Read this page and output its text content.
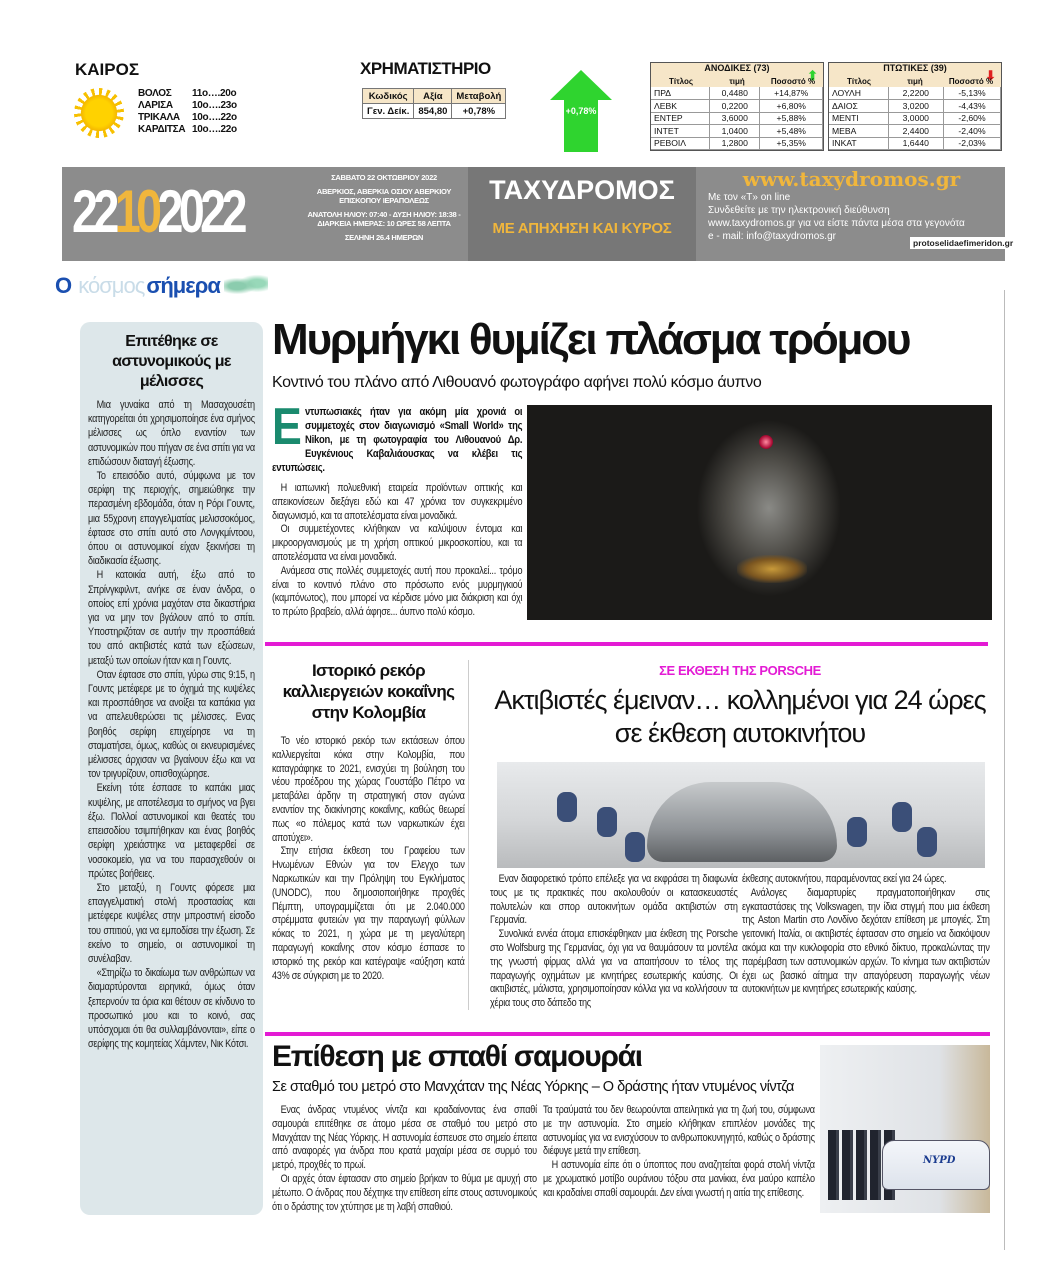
ΚΑΙΡΟΣ
ΒΟΛΟΣ	11ο….20ο
ΛΑΡΙΣΑ	10ο….23ο
ΤΡΙΚΑΛΑ	10ο….22ο
ΚΑΡΔΙΤΣΑ 10ο….22ο
ΧΡΗΜΑΤΙΣΤΗΡΙΟ
Κωδικός	Αξία	Μεταβολή
Γεν. Δείκ.	854,80	+0,78%	+0,78%
ΑΝΟΔΙΚΕΣ (73)	⬆
Τίτλος	τιμή	Ποσοστό %
ΠΡΔ	0,4480	+14,87%
ΛΕΒΚ	0,2200	+6,80%
ΕΝΤΕΡ	3,6000	+5,88%
ΙΝΤΕΤ	1,0400	+5,48%
ΡΕΒΟΙΛ	1,2800	+5,35%
ΠΤΩΤΙΚΕΣ (39)	⬇
Τίτλος	τιμή	Ποσοστό %
ΛΟΥΛΗ	2,2200	-5,13%
ΔΑΙΟΣ	3,0200	-4,43%
ΜΕΝΤΙ	3,0000	-2,60%
ΜΕΒΑ	2,4400	-2,40%
ΙΝΚΑΤ	1,6440	-2,03%
22102022
ΣΑΒΒΑΤΟ 22 ΟΚΤΩΒΡΙΟΥ 2022
ΑΒΕΡΚΙΟΣ, ΑΒΕΡΚΙΑ ΟΣΙΟΥ ΑΒΕΡΚΙΟΥ ΕΠΙΣΚΟΠΟΥ ΙΕΡΑΠΟΛΕΩΣ
ΑΝΑΤΟΛΗ ΗΛΙΟΥ: 07:40 - ΔΥΣΗ ΗΛΙΟΥ: 18:38 - ΔΙΑΡΚΕΙΑ ΗΜΕΡΑΣ: 10 ΩΡΕΣ 58 ΛΕΠΤΑ
ΣΕΛΗΝΗ 26.4 ΗΜΕΡΩΝ
ΤΑΧΥΔΡΟΜΟΣ
ΜΕ ΑΠΗΧΗΣΗ ΚΑΙ ΚΥΡΟΣ
www.taxydromos.gr
Με τον «Τ» on line
Συνδεθείτε με την ηλεκτρονική διεύθυνση
www.taxydromos.gr για να είστε πάντα μέσα στα γεγονότα
e - mail: info@taxydromos.gr
protoselidaefimeridon.gr
Ο
κόσμος σήμερα
Επιτέθηκε σε αστυνομικούς με μέλισσες

Μια γυναίκα από τη Μασαχουσέτη κατηγορείται ότι χρησιμοποίησε ένα σμήνος μέλισσες ως όπλο εναντίον των αστυνομικών που πήγαν σε ένα σπίτι για να επιδώσουν διαταγή έξωσης.

Το επεισόδιο αυτό, σύμφωνα με τον σερίφη της περιοχής, σημειώθηκε την περασμένη εβδομάδα, όταν η Ρόρι Γουντς, μια 55χρονη επαγγελματίας μελισσοκόμος, έφτασε στο σπίτι αυτό στο Λονγκμίντοου, όπου οι αστυνομικοί είχαν ξεκινήσει τη διαδικασία έξωσης.

Η κατοικία αυτή, έξω από το Σπρίνγκφιλντ, ανήκε σε έναν άνδρα, ο οποίος επί χρόνια μαχόταν στα δικαστήρια για να μην τον βγάλουν από το σπίτι. Υποστηριζόταν σε αυτήν την προσπάθειά του από ακτιβιστές κατά των εξώσεων, μεταξύ των οποίων ήταν και η Γουντς.

Οταν έφτασε στο σπίτι, γύρω στις 9:15, η Γουντς μετέφερε με το όχημά της κυψέλες και προσπάθησε να ανοίξει τα καπάκια για να απελευθερώσει τις μέλισσες. Ενας βοηθός σερίφη επιχείρησε να τη σταματήσει, όμως, καθώς οι εκνευρισμένες μέλισσες άρχισαν να βγαίνουν έξω και να τον τριγυρίζουν, οπισθοχώρησε.

Εκείνη τότε έσπασε το καπάκι μιας κυψέλης, με αποτέλεσμα το σμήνος να βγει έξω. Πολλοί αστυνομικοί και θεατές του επεισοδίου τσιμπήθηκαν και ένας βοηθός σερίφη χρειάστηκε να μεταφερθεί σε νοσοκομείο, για να του παρασχεθούν οι πρώτες βοήθειες.

Στο μεταξύ, η Γουντς φόρεσε μια επαγγελματική στολή προστασίας και μετέφερε κυψέλες στην μπροστινή είσοδο του σπιτιού, για να εμποδίσει την έξωση. Σε εκείνο το σημείο, οι αστυνομικοί τη συνέλαβαν.

«Στηρίζω το δικαίωμα των ανθρώπων να διαμαρτύρονται ειρηνικά, όμως όταν ξεπερνούν τα όρια και θέτουν σε κίνδυνο το προσωπικό μου και το κοινό, σας υπόσχομαι ότι θα συλλαμβάνονται», είπε ο σερίφης της κομητείας Χάμντεν, Νικ Κότσι.

Μυρμήγκι θυμίζει πλάσμα τρόμου
Κοντινό του πλάνο από Λιθουανό φωτογράφο αφήνει πολύ κόσμο άυπνο
Εντυπωσιακές ήταν για ακόμη μία χρονιά οι συμμετοχές στον διαγωνισμό «Small World» της Nikon, με τη φωτογραφία του Λιθουανού Δρ. Ευγκένιους Καβαλιάουσκας να κλέβει τις εντυπώσεις.

Η ιαπωνική πολυεθνική εταιρεία προϊόντων οπτικής και απεικονίσεων διεξάγει εδώ και 47 χρόνια τον συγκεκριμένο διαγωνισμό, και τα αποτελέσματα είναι μοναδικά.

Οι συμμετέχοντες κλήθηκαν να καλύψουν έντομα και μικροοργανισμούς με τη χρήση οπτικού μικροσκοπίου, και τα αποτελέσματα να είναι μοναδικά.

Ανάμεσα στις πολλές συμμετοχές αυτή που προκαλεί... τρόμο είναι το κοντινό πλάνο στο πρόσωπο ενός μυρμηγκιού (καμπόνωτος), που μπορεί να κέρδισε μόνο μια διάκριση και όχι το πρώτο βραβείο, αλλά άφησε... άυπνο πολύ κόσμο.

Ιστορικό ρεκόρ καλλιεργειών κοκαΐνης στην Κολομβία

Το νέο ιστορικό ρεκόρ των εκτάσεων όπου καλλιεργείται κόκα στην Κολομβία, που καταγράφηκε το 2021, ενισχύει τη βούληση του νέου προέδρου της χώρας Γουστάβο Πέτρο να μεταβάλει άρδην τη στρατηγική στον αγώνα εναντίον της διακίνησης κοκαΐνης, καθώς θεωρεί πως «ο πόλεμος κατά των ναρκωτικών έχει αποτύχει».

Στην ετήσια έκθεση του Γραφείου των Ηνωμένων Εθνών για τον Ελεγχο των Ναρκωτικών και την Πρόληψη του Εγκλήματος (UNODC), που δημοσιοποιήθηκε προχθές Πέμπτη, υπογραμμίζεται ότι με 2.040.000 στρέμματα φυτειών για την παραγωγή φύλλων κόκας το 2021, η χώρα με τη μεγαλύτερη παραγωγή κοκαΐνης στον κόσμο έσπασε το ιστορικό της ρεκόρ και κατέγραψε «αύξηση κατά 43% σε σύγκριση με το 2020.

ΣΕ ΕΚΘΕΣΗ ΤΗΣ PORSCHE
Ακτιβιστές έμειναν… κολλημένοι για 24 ώρες σε έκθεση αυτοκινήτου

Εναν διαφορετικό τρόπο επέλεξε για να εκφράσει τη διαφωνία τους με τις πρακτικές που ακολουθούν οι κατασκευαστές πολυτελών και σπορ αυτοκινήτων ομάδα ακτιβιστών στη Γερμανία.

Συνολικά εννέα άτομα επισκέφθηκαν μια έκθεση της Porsche στο Wolfsburg της Γερμανίας, όχι για να θαυμάσουν τα μοντέλα της γνωστή φίρμας αλλά για να απαιτήσουν το τέλος της παραγωγής οχημάτων με κινητήρες εσωτερικής καύσης. Οι ακτιβιστές, μάλιστα, χρησιμοποίησαν κόλλα για να κολλήσουν τα χέρια τους στο δάπεδο της

έκθεσης αυτοκινήτου, παραμένοντας εκεί για 24 ώρες.

Ανάλογες διαμαρτυρίες πραγματοποιήθηκαν στις εγκαταστάσεις της Volkswagen, την ίδια στιγμή που μια έκθεση της Aston Martin στο Λονδίνο δεχόταν επίθεση με μπογιές. Στη γειτονική Ιταλία, οι ακτιβιστές έφτασαν στο σημείο να διακόψουν ακόμα και την κυκλοφορία στο εθνικό δίκτυο, προκαλώντας την παρέμβαση των αστυνομικών αρχών. Το κίνημα των ακτιβιστών έχει ως βασικό αίτημα την απαγόρευση παραγωγής νέων αυτοκινήτων με κινητήρες εσωτερικής καύσης.

Επίθεση με σπαθί σαμουράι
Σε σταθμό του μετρό στο Μανχάταν της Νέας Υόρκης – Ο δράστης ήταν ντυμένος νίντζα

Ενας άνδρας ντυμένος νίντζα και κραδαίνοντας ένα σπαθί σαμουράι επιτέθηκε σε άτομο μέσα σε σταθμό του μετρό στο Μανχάταν της Νέας Υόρκης. Η αστυνομία έσπευσε στο σημείο έπειτα από αναφορές για άνδρα που κρατά μαχαίρι μέσα σε συρμό του μετρό, προχθές το πρωί.

Οι αρχές όταν έφτασαν στο σημείο βρήκαν το θύμα με αμυχή στο μέτωπο. Ο άνδρας που δέχτηκε την επίθεση είπε στους αστυνομικούς ότι ο δράστης τον χτύπησε με τη λαβή σπαθιού.

Τα τραύματά του δεν θεωρούνται απειλητικά για τη ζωή του, σύμφωνα με την αστυνομία. Στο σημείο κλήθηκαν επιπλέον μονάδες της αστυνομίας για να ενισχύσουν το ανθρωποκυνηγητό, καθώς ο δράστης διέφυγε μετά την επίθεση.

Η αστυνομία είπε ότι ο ύποπτος που αναζητείται φορά στολή νίντζα με χρωματικό μοτίβο ουράνιου τόξου στα μανίκια, ένα μαύρο καπέλο και κραδαίνει σπαθί σαμουράι. Δεν είναι γνωστή η αιτία της επίθεσης.

NYPD
